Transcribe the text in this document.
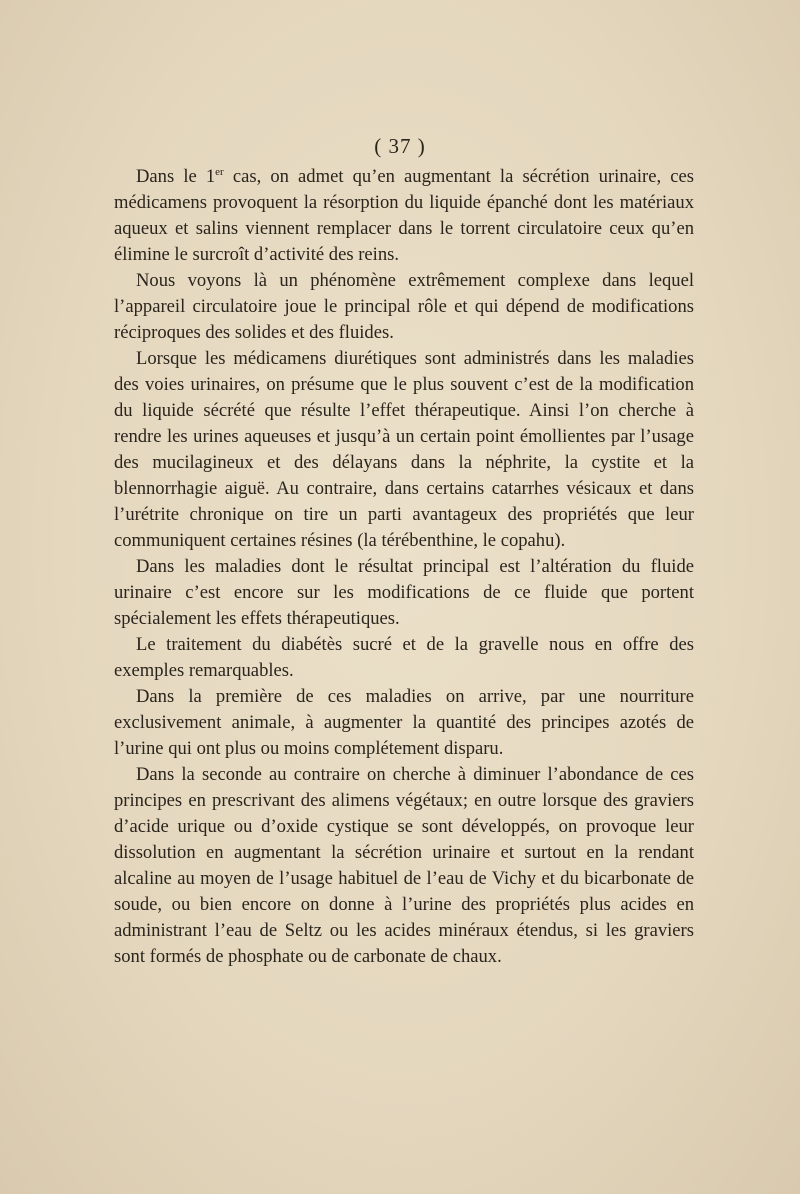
( 37 )

Dans le 1er cas, on admet qu’en augmentant la sécrétion urinaire, ces médicamens provoquent la résorption du liquide épanché dont les matériaux aqueux et salins viennent remplacer dans le torrent circulatoire ceux qu’en élimine le surcroît d’activité des reins.

Nous voyons là un phénomène extrêmement complexe dans lequel l’appareil circulatoire joue le principal rôle et qui dépend de modifications réciproques des solides et des fluides.

Lorsque les médicamens diurétiques sont administrés dans les maladies des voies urinaires, on présume que le plus souvent c’est de la modification du liquide sécrété que résulte l’effet thérapeutique. Ainsi l’on cherche à rendre les urines aqueuses et jusqu’à un certain point émollientes par l’usage des mucilagineux et des délayans dans la néphrite, la cystite et la blennorrhagie aiguë. Au contraire, dans certains catarrhes vésicaux et dans l’urétrite chronique on tire un parti avantageux des propriétés que leur communiquent certaines résines (la térébenthine, le copahu).

Dans les maladies dont le résultat principal est l’altération du fluide urinaire c’est encore sur les modifications de ce fluide que portent spécialement les effets thérapeutiques.

Le traitement du diabétès sucré et de la gravelle nous en offre des exemples remarquables.

Dans la première de ces maladies on arrive, par une nourriture exclusivement animale, à augmenter la quantité des principes azotés de l’urine qui ont plus ou moins complétement disparu.

Dans la seconde au contraire on cherche à diminuer l’abondance de ces principes en prescrivant des alimens végétaux; en outre lorsque des graviers d’acide urique ou d’oxide cystique se sont développés, on provoque leur dissolution en augmentant la sécrétion urinaire et surtout en la rendant alcaline au moyen de l’usage habituel de l’eau de Vichy et du bicarbonate de soude, ou bien encore on donne à l’urine des propriétés plus acides en administrant l’eau de Seltz ou les acides minéraux étendus, si les graviers sont formés de phosphate ou de carbonate de chaux.
